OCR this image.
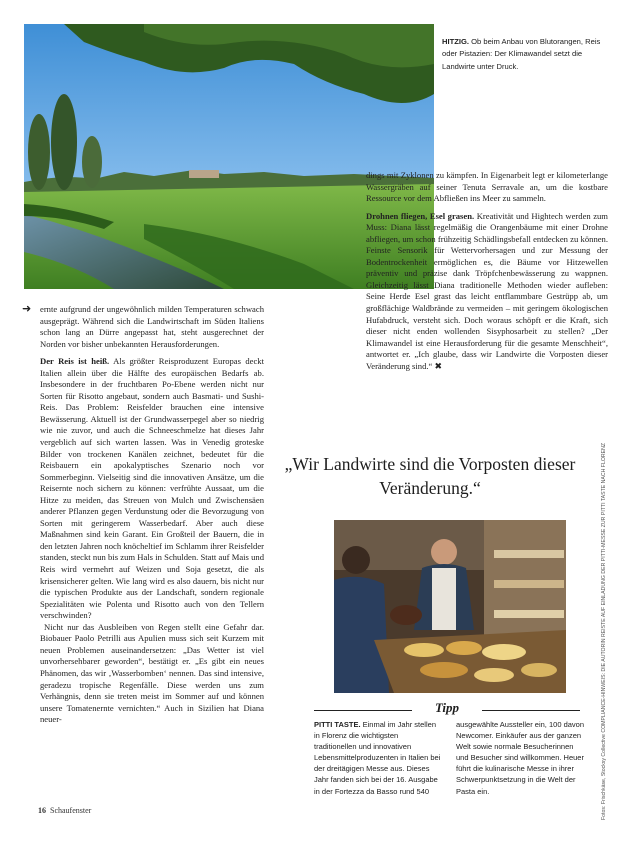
HITZIG. Ob beim Anbau von Blutorangen, Reis oder Pistazien: Der Klimawandel setzt die Landwirte unter Druck.
➜ ernte aufgrund der ungewöhnlich milden Temperaturen schwach ausgeprägt. Während sich die Landwirtschaft im Süden Italiens schon lang an Dürre angepasst hat, steht ausgerechnet der Norden vor bisher unbekannten Herausforderungen.

Der Reis ist heiß. Als größter Reisproduzent Europas deckt Italien allein über die Hälfte des europäischen Bedarfs ab. Insbesondere in der fruchtbaren Po-Ebene werden nicht nur Sorten für Risotto angebaut, sondern auch Basmati- und Sushi-Reis. Das Problem: Reisfelder brauchen eine intensive Bewässerung. Aktuell ist der Grundwasserpegel aber so niedrig wie nie zuvor, und auch die Schneeschmelze hat dieses Jahr vergeblich auf sich warten lassen. Was in Venedig groteske Bilder von trockenen Kanälen zeichnet, bedeutet für die Reisbauern ein apokalyptisches Szenario noch vor Sommerbeginn. Vielseitig sind die innovativen Ansätze, um die Reisernte noch sichern zu können: verfrühte Aussaat, um die Hitze zu meiden, das Streuen von Mulch und Zwischensäen anderer Pflanzen gegen Verdunstung oder die Bevorzugung von Sorten mit geringerem Wasserbedarf. Aber auch diese Maßnahmen sind kein Garant. Ein Großteil der Bauern, die in den letzten Jahren noch knöcheltief im Schlamm ihrer Reisfelder standen, steckt nun bis zum Hals in Schulden. Statt auf Mais und Reis wird vermehrt auf Weizen und Soja gesetzt, die als krisensicherer gelten. Wie lang wird es also dauern, bis nicht nur die typischen Produkte aus der Landschaft, sondern regionale Spezialitäten wie Polenta und Risotto auch von den Tellern verschwinden?

Nicht nur das Ausbleiben von Regen stellt eine Gefahr dar. Biobauer Paolo Petrilli aus Apulien muss sich seit Kurzem mit neuen Problemen auseinandersetzen: „Das Wetter ist viel unvorhersehbarer geworden“, bestätigt er. „Es gibt ein neues Phänomen, das wir ‚Wasserbomben‘ nennen. Das sind intensive, geradezu tropische Regenfälle. Diese werden uns zum Verhängnis, denn sie treten meist im Sommer auf und können unsere Tomatenernte vernichten.“ Auch in Sizilien hat Diana neuer-

dings mit Zyklonen zu kämpfen. In Eigenarbeit legt er kilometerlange Wassergräben auf seiner Tenuta Serravale an, um die kostbare Ressource vor dem Abfließen ins Meer zu sammeln.

Drohnen fliegen, Esel grasen. Kreativität und Hightech werden zum Muss: Diana lässt regelmäßig die Orangenbäume mit einer Drohne abfliegen, um schon frühzeitig Schädlingsbefall entdecken zu können. Feinste Sensorik für Wettervorhersagen und zur Messung der Bodentrockenheit ermöglichen es, die Bäume vor Hitzewellen präventiv und präzise dank Tröpfchenbewässerung zu wappnen. Gleichzeitig lässt Diana traditionelle Methoden wieder aufleben: Seine Herde Esel grast das leicht entflammbare Gestrüpp ab, um großflächige Waldbrände zu vermeiden – mit geringem ökologischen Hufabdruck, versteht sich. Doch woraus schöpft er die Kraft, sich dieser nicht enden wollenden Sisyphosarbeit zu stellen? „Der Klimawandel ist eine Herausforderung für die gesamte Menschheit“, antwortet er. „Ich glaube, dass wir Landwirte die Vorposten dieser Veränderung sind.“ ✖

„Wir Landwirte sind die Vorposten dieser Veränderung.“	Fotos: Frischkäse, Stocksy Collective COMPLIANCE-HINWEIS: DIE AUTORIN REISTE AUF EINLADUNG DER PITTI-MESSE ZUR PITTI TASTE NACH FLORENZ
Tipp
PITTI TASTE. Einmal im Jahr stellen in Florenz die wichtigsten traditionellen und innovativen Lebensmittelproduzenten in Italien bei der dreitägigen Messe aus. Dieses Jahr fanden sich bei der 16. Ausgabe in der Fortezza da Basso rund 540
ausgewählte Aussteller ein, 100 davon Newcomer. Einkäufer aus der ganzen Welt sowie normale Besucherinnen und Besucher sind willkommen. Heuer führt die kulinarische Messe in ihrer Schwerpunktsetzung in die Welt der Pasta ein.
16 Schaufenster
